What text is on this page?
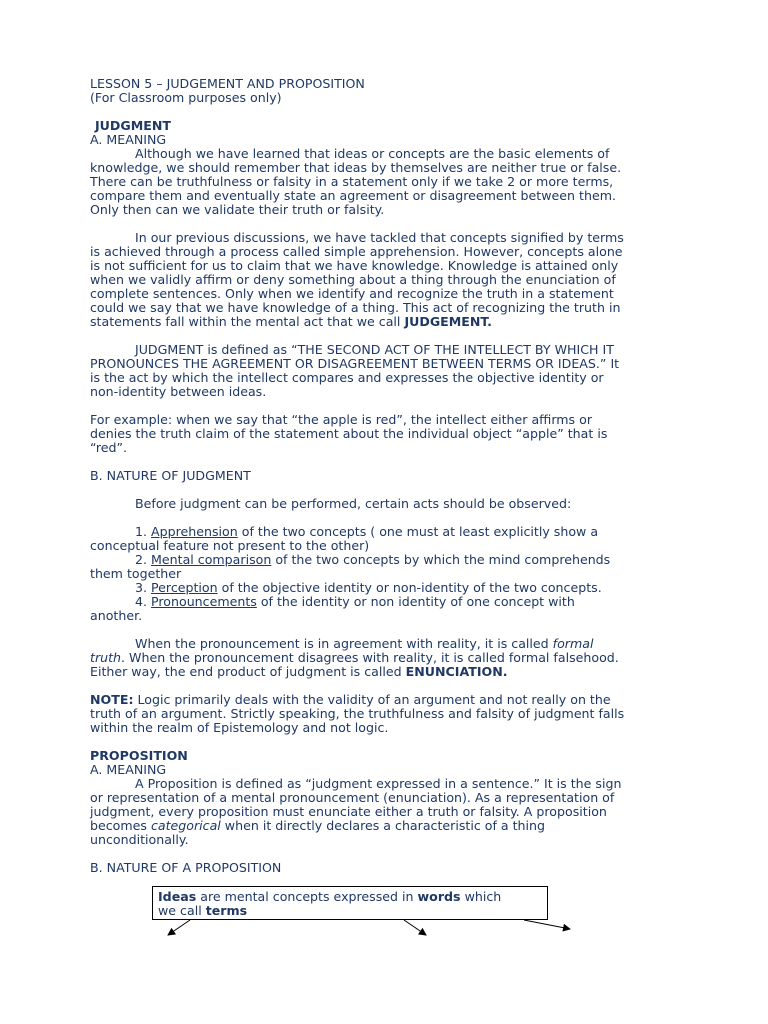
LESSON 5 – JUDGEMENT AND PROPOSITION
(For Classroom purposes only)
JUDGMENT
A. MEANING
Although we have learned that ideas or concepts are the basic elements of
knowledge, we should remember that ideas by themselves are neither true or false.
There can be truthfulness or falsity in a statement only if we take 2 or more terms,
compare them and eventually state an agreement or disagreement between them.
Only then can we validate their truth or falsity.
In our previous discussions, we have tackled that concepts signified by terms
is achieved through a process called simple apprehension. However, concepts alone
is not sufficient for us to claim that we have knowledge. Knowledge is attained only
when we validly affirm or deny something about a thing through the enunciation of
complete sentences. Only when we identify and recognize the truth in a statement
could we say that we have knowledge of a thing. This act of recognizing the truth in
statements fall within the mental act that we call JUDGEMENT.
JUDGMENT is defined as “THE SECOND ACT OF THE INTELLECT BY WHICH IT
PRONOUNCES THE AGREEMENT OR DISAGREEMENT BETWEEN TERMS OR IDEAS.” It
is the act by which the intellect compares and expresses the objective identity or
non-identity between ideas.
For example: when we say that “the apple is red”, the intellect either affirms or
denies the truth claim of the statement about the individual object “apple” that is
“red”.
B. NATURE OF JUDGMENT
Before judgment can be performed, certain acts should be observed:
1. Apprehension of the two concepts ( one must at least explicitly show a
conceptual feature not present to the other)
2. Mental comparison of the two concepts by which the mind comprehends
them together
3. Perception of the objective identity or non-identity of the two concepts.
4. Pronouncements of the identity or non identity of one concept with
another.
When the pronouncement is in agreement with reality, it is called formal
truth. When the pronouncement disagrees with reality, it is called formal falsehood.
Either way, the end product of judgment is called ENUNCIATION.
NOTE: Logic primarily deals with the validity of an argument and not really on the
truth of an argument. Strictly speaking, the truthfulness and falsity of judgment falls
within the realm of Epistemology and not logic.
PROPOSITION
A. MEANING
A Proposition is defined as “judgment expressed in a sentence.” It is the sign
or representation of a mental pronouncement (enunciation). As a representation of
judgment, every proposition must enunciate either a truth or falsity. A proposition
becomes categorical when it directly declares a characteristic of a thing
unconditionally.
B. NATURE OF A PROPOSITION
Ideas are mental concepts expressed in words which
we call terms
